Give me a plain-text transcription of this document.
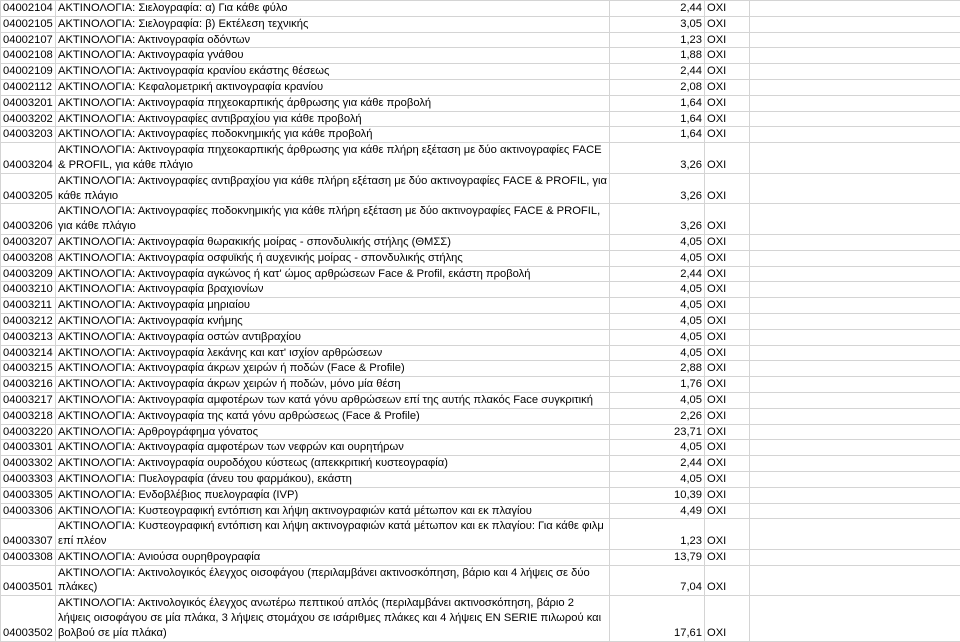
04002104	ΑΚΤΙΝΟΛΟΓΙΑ: Σιελογραφία: α) Για κάθε φύλο	2,44	ΟΧΙ	
04002105	ΑΚΤΙΝΟΛΟΓΙΑ: Σιελογραφία: β) Εκτέλεση τεχνικής	3,05	ΟΧΙ	
04002107	ΑΚΤΙΝΟΛΟΓΙΑ: Ακτινογραφία οδόντων	1,23	ΟΧΙ	
04002108	ΑΚΤΙΝΟΛΟΓΙΑ: Ακτινογραφία γνάθου	1,88	ΟΧΙ	
04002109	ΑΚΤΙΝΟΛΟΓΙΑ: Ακτινογραφία κρανίου εκάστης θέσεως	2,44	ΟΧΙ	
04002112	ΑΚΤΙΝΟΛΟΓΙΑ: Κεφαλομετρική ακτινογραφία κρανίου	2,08	ΟΧΙ	
04003201	ΑΚΤΙΝΟΛΟΓΙΑ: Ακτινογραφία πηχεοκαρπικής άρθρωσης για κάθε προβολή	1,64	ΟΧΙ	
04003202	ΑΚΤΙΝΟΛΟΓΙΑ: Ακτινογραφίες αντιβραχίου για κάθε προβολή	1,64	ΟΧΙ	
04003203	ΑΚΤΙΝΟΛΟΓΙΑ: Ακτινογραφίες ποδοκνημικής για κάθε προβολή	1,64	ΟΧΙ	
04003204	ΑΚΤΙΝΟΛΟΓΙΑ: Ακτινογραφία πηχεοκαρπικής άρθρωσης για κάθε πλήρη εξέταση με δύο ακτινογραφίες FACE & PROFIL, για κάθε πλάγιο	3,26	ΟΧΙ	
04003205	ΑΚΤΙΝΟΛΟΓΙΑ: Ακτινογραφίες αντιβραχίου για κάθε πλήρη εξέταση με δύο ακτινογραφίες FACE & PROFIL, για κάθε πλάγιο	3,26	ΟΧΙ	
04003206	ΑΚΤΙΝΟΛΟΓΙΑ: Ακτινογραφίες ποδοκνημικής για κάθε πλήρη εξέταση με δύο ακτινογραφίες FACE & PROFIL, για κάθε πλάγιο	3,26	ΟΧΙ	
04003207	ΑΚΤΙΝΟΛΟΓΙΑ: Ακτινογραφία θωρακικής μοίρας - σπονδυλικής στήλης (ΘΜΣΣ)	4,05	ΟΧΙ	
04003208	ΑΚΤΙΝΟΛΟΓΙΑ: Ακτινογραφία οσφυϊκής ή αυχενικής μοίρας - σπονδυλικής στήλης	4,05	ΟΧΙ	
04003209	ΑΚΤΙΝΟΛΟΓΙΑ: Ακτινογραφία αγκώνος ή κατ' ώμος αρθρώσεων Face & Profil, εκάστη προβολή	2,44	ΟΧΙ	
04003210	ΑΚΤΙΝΟΛΟΓΙΑ: Ακτινογραφία βραχιονίων	4,05	ΟΧΙ	
04003211	ΑΚΤΙΝΟΛΟΓΙΑ: Ακτινογραφία μηριαίου	4,05	ΟΧΙ	
04003212	ΑΚΤΙΝΟΛΟΓΙΑ: Ακτινογραφία κνήμης	4,05	ΟΧΙ	
04003213	ΑΚΤΙΝΟΛΟΓΙΑ: Ακτινογραφία οστών αντιβραχίου	4,05	ΟΧΙ	
04003214	ΑΚΤΙΝΟΛΟΓΙΑ: Ακτινογραφία λεκάνης και κατ' ισχίον αρθρώσεων	4,05	ΟΧΙ	
04003215	ΑΚΤΙΝΟΛΟΓΙΑ: Ακτινογραφία άκρων χειρών ή ποδών (Face & Profile)	2,88	ΟΧΙ	
04003216	ΑΚΤΙΝΟΛΟΓΙΑ: Ακτινογραφία άκρων χειρών ή ποδών, μόνο μία θέση	1,76	ΟΧΙ	
04003217	ΑΚΤΙΝΟΛΟΓΙΑ: Ακτινογραφία αμφοτέρων των κατά γόνυ αρθρώσεων επί της αυτής πλακός Face συγκριτική	4,05	ΟΧΙ	
04003218	ΑΚΤΙΝΟΛΟΓΙΑ: Ακτινογραφία της κατά γόνυ αρθρώσεως (Face & Profile)	2,26	ΟΧΙ	
04003220	ΑΚΤΙΝΟΛΟΓΙΑ: Αρθρογράφημα γόνατος	23,71	ΟΧΙ	
04003301	ΑΚΤΙΝΟΛΟΓΙΑ: Ακτινογραφία αμφοτέρων των νεφρών και ουρητήρων	4,05	ΟΧΙ	
04003302	ΑΚΤΙΝΟΛΟΓΙΑ: Ακτινογραφία ουροδόχου κύστεως (απεκκριτική κυστεογραφία)	2,44	ΟΧΙ	
04003303	ΑΚΤΙΝΟΛΟΓΙΑ: Πυελογραφία (άνευ του φαρμάκου), εκάστη	4,05	ΟΧΙ	
04003305	ΑΚΤΙΝΟΛΟΓΙΑ: Ενδοβλέβιος πυελογραφία (IVP)	10,39	ΟΧΙ	
04003306	ΑΚΤΙΝΟΛΟΓΙΑ: Κυστεογραφική εντόπιση και λήψη ακτινογραφιών κατά μέτωπον και εκ πλαγίου	4,49	ΟΧΙ	
04003307	ΑΚΤΙΝΟΛΟΓΙΑ: Κυστεογραφική εντόπιση και λήψη ακτινογραφιών κατά μέτωπον και εκ πλαγίου: Για κάθε φιλμ επί πλέον	1,23	ΟΧΙ	
04003308	ΑΚΤΙΝΟΛΟΓΙΑ: Ανιούσα ουρηθρογραφία	13,79	ΟΧΙ	
04003501	ΑΚΤΙΝΟΛΟΓΙΑ: Ακτινολογικός έλεγχος οισοφάγου (περιλαμβάνει ακτινοσκόπηση, βάριο και 4 λήψεις σε δύο πλάκες)	7,04	ΟΧΙ	
04003502	ΑΚΤΙΝΟΛΟΓΙΑ: Ακτινολογικός έλεγχος ανωτέρω πεπτικού απλός (περιλαμβάνει ακτινοσκόπηση, βάριο 2 λήψεις οισοφάγου σε μία πλάκα, 3 λήψεις στομάχου σε ισάριθμες πλάκες και 4 λήψεις EN SERIE πιλωρού και βολβού σε μία πλάκα)	17,61	ΟΧΙ	
